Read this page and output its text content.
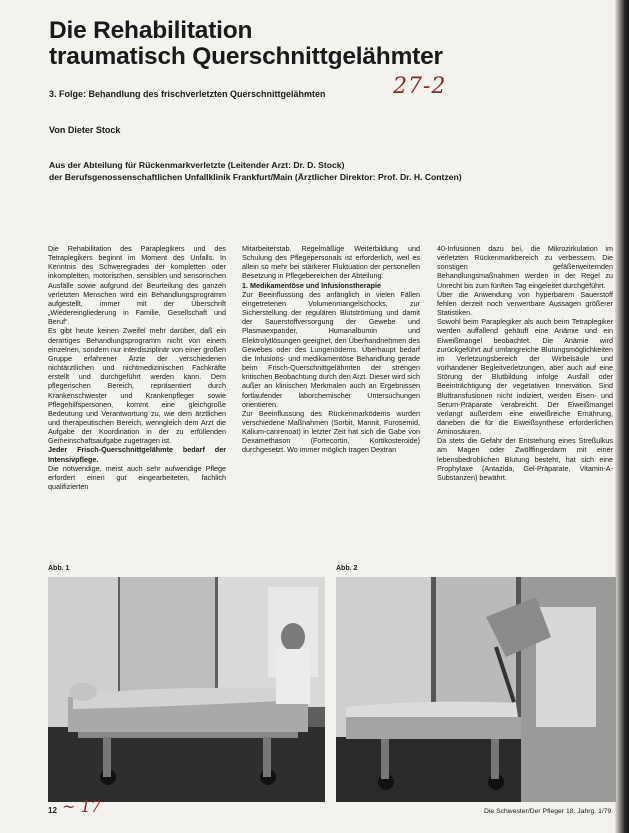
Die Rehabilitation
traumatisch Querschnittgelähmter
27-2
3. Folge: Behandlung des frischverletzten Querschnittgelähmten
Von Dieter Stock
Aus der Abteilung für Rückenmarkverletzte (Leitender Arzt: Dr. D. Stock)
der Berufsgenossenschaftlichen Unfallklinik Frankfurt/Main (Ärztlicher Direktor: Prof. Dr. H. Contzen)

Die Rehabilitation des Paraplegikers und des Tetraplegikers beginnt im Moment des Unfalls. In Kenntnis des Schweregrades der kompletten oder inkompletten, motorischen, sensiblen und sensorischen Ausfälle sowie aufgrund der Beurteilung des ganzen verletzten Menschen wird ein Behandlungsprogramm aufgestellt, immer mit der Überschrift „Wiedereingliederung in Familie, Gesellschaft und Beruf“.

Es gibt heute keinen Zweifel mehr darüber, daß ein derartiges Behandlungsprogramm nicht von einem einzelnen, sondern nur interdisziplinär von einer großen Gruppe erfahrener Ärzte der verschiedenen nichtärztlichen und nichtmedizinischen Fachkräfte erstellt und durchgeführt werden kann. Dem pflegerischen Bereich, repräsentiert durch Krankenschwester und Krankenpfleger sowie Pflegehilfspersonen, kommt eine gleichgroße Bedeutung und Verantwortung zu, wie dem ärztlichen und therapeutischen Bereich, wenngleich dem Arzt die Aufgabe der Koordination in der zu erfüllenden Gemeinschaftsaufgabe zugetragen ist.

Jeder Frisch-Querschnittgelähmte bedarf der Intensivpflege.

Die notwendige, meist auch sehr aufwendige Pflege erfordert einen gut eingearbeiteten, fachlich qualifizierten

Mitarbeiterstab. Regelmäßige Weiterbildung und Schulung des Pflegepersonals ist erforderlich, weil es allein so mehr bei stärkerer Fluktuation der personellen Besetzung in Pflegebereichen der Abteilung.

1. Medikamentöse und Infusionstherapie

Zur Beeinflussung des anfänglich in vielen Fällen eingetretenen Volumenmangelschocks, zur Sicherstellung der regulären Blutströmung und damit der Sauerstoffversorgung der Gewebe und Plasmaexpander, Humanalbumin und Elektrolytlösungen geeignet, den Überhandnehmen des Gewebes oder des Lungenödems. Überhaupt bedarf die Infusions- und medikamentöse Behandlung gerade beim Frisch-Querschnittgelähmten der strengen kritischen Beobachtung durch den Arzt. Dieser wird sich außer an klinischen Merkmalen auch an Ergebnissen fortlaufender laborchemischer Untersuchungen orientieren.

Zur Beeinflussung des Rückenmarködems wurden verschiedene Maßnahmen (Sorbit, Mannit, Furosemid, Kalium-canrenoat) in letzter Zeit hat sich die Gabe von Dexamethason (Fortecortin, Kortikosteroide) durchgesetzt. Wo immer möglich tragen Dextran

40-Infusionen dazu bei, die Mikrozirkulation im verletzten Rückenmarkbereich zu verbessern. Die sonstigen gefäßerweiternden Behandlungsmaßnahmen werden in der Regel zu Unrecht bis zum fünften Tag eingeleitet durchgeführt.

Über die Anwendung von hyperbarem Sauerstoff fehlen derzeit noch verwertbare Aussagen größerer Statistiken.

Sowohl beim Paraplegiker als auch beim Tetraplegiker werden auffallend gehäuft eine Anämie und ein Eiweißmangel beobachtet. Die Anämie wird zurückgeführt auf umfangreiche Blutungsmöglichkeiten im Verletzungsbereich der Wirbelsäule und vorhandener Begleitverletzungen, aber auch auf eine Störung der Blutbildung infolge Ausfall oder Beeinträchtigung der vegetativen Innervation. Sind Bluttransfusionen nicht indiziert, werden Eisen- und Serum-Präparate verabreicht. Der Eiweißmangel verlangt außerdem eine eiweißreiche Ernährung, daneben die für die Eiweißsynthese erforderlichen Aminosäuren.

Da stets die Gefahr der Entstehung eines Streßulkus am Magen oder Zwölffingerdarm mit einer lebensbedrohlichen Blutung besteht, hat sich eine Prophylaxe (Antazida, Gel-Präparate, Vitamin-A-Substanzen) bewährt.

Abb. 1	Abb. 2
12 ~ 17	Die Schwester/Der Pfleger 18. Jahrg. 1/79
